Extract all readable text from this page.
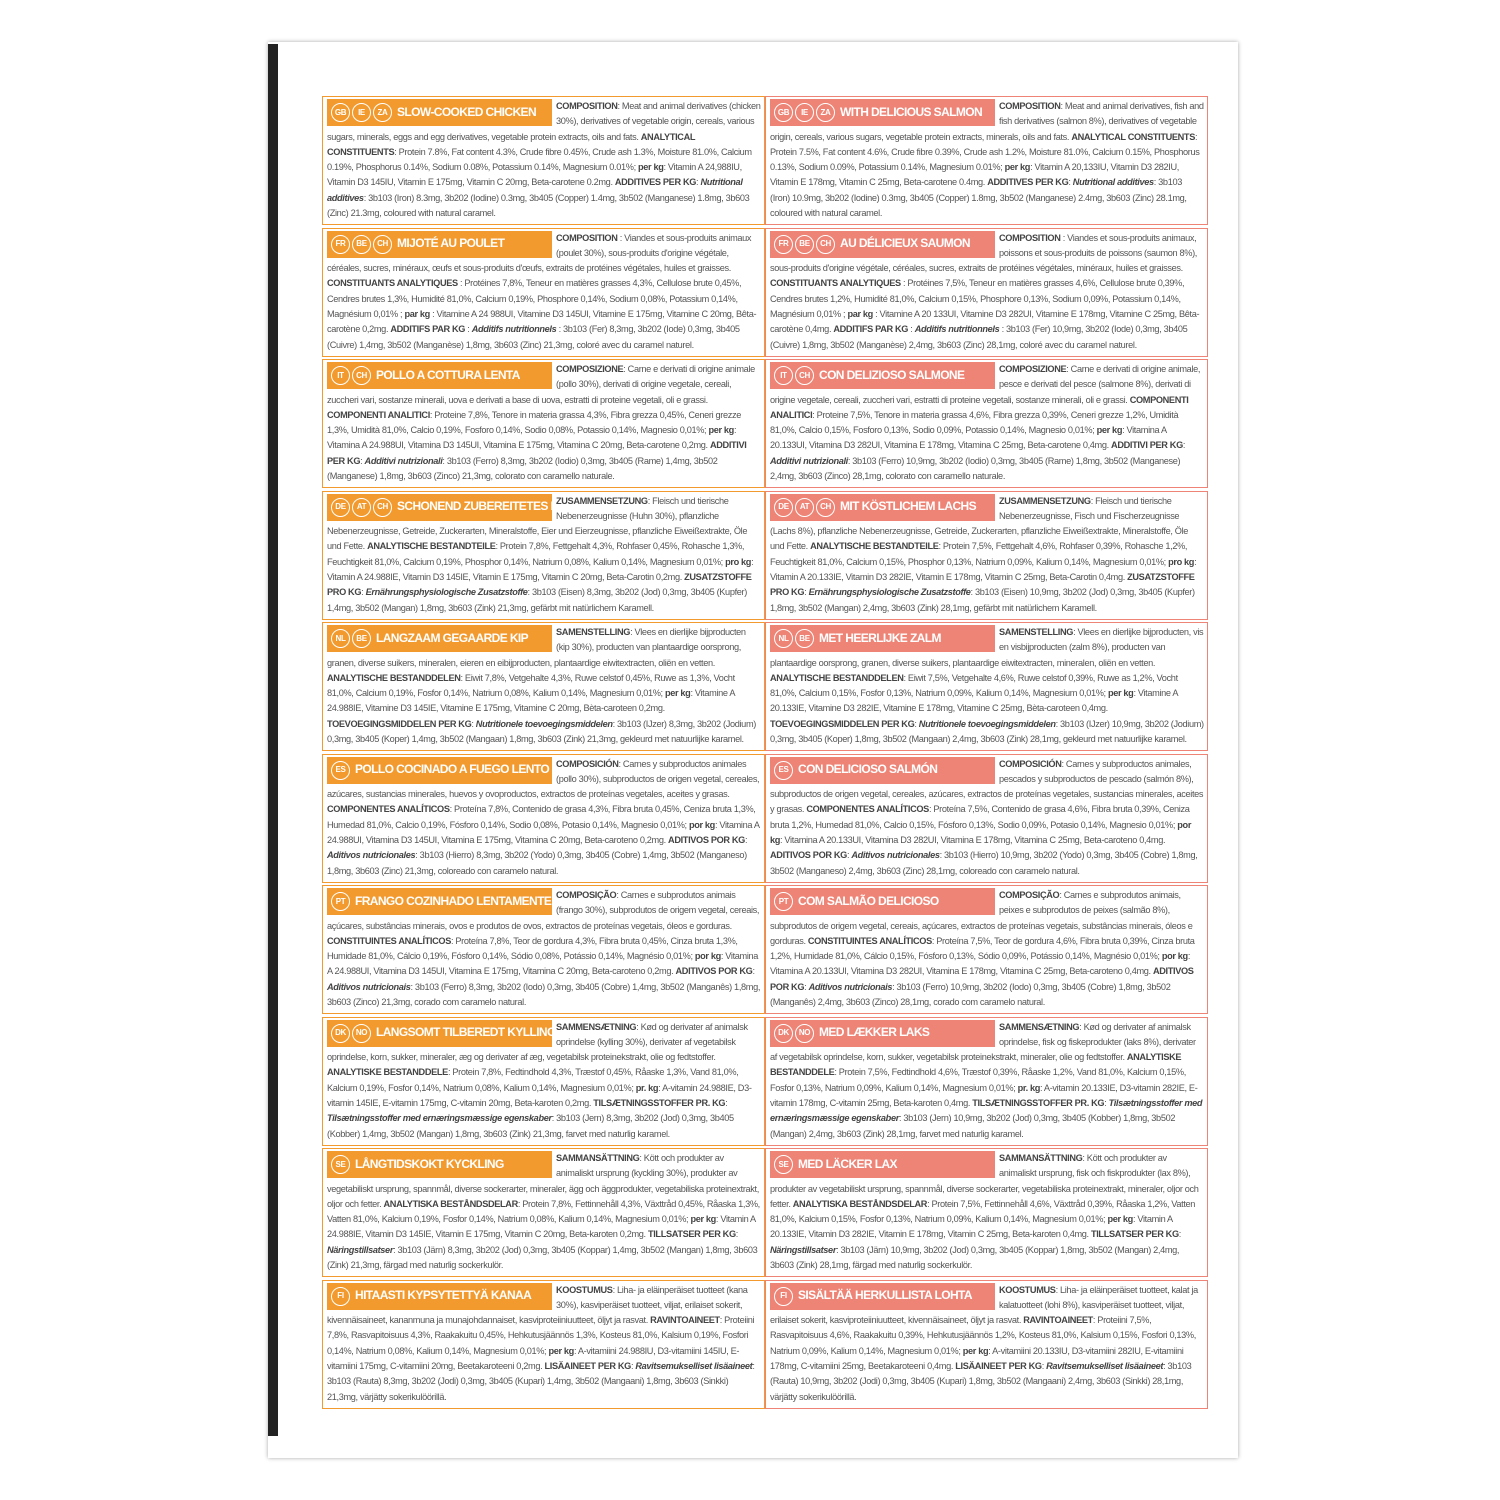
GB	IE	ZA SLOW-COOKED CHICKEN COMPOSITION: Meat and animal derivatives (chicken 30%), derivatives of vegetable origin, cereals, various sugars, minerals, eggs and egg derivatives, vegetable protein extracts, oils and fats. ANALYTICAL CONSTITUENTS: Protein 7.8%, Fat content 4.3%, Crude fibre 0.45%, Crude ash 1.3%, Moisture 81.0%, Calcium 0.19%, Phosphorus 0.14%, Sodium 0.08%, Potassium 0.14%, Magnesium 0.01%; per kg: Vitamin A 24,988IU, Vitamin D3 145IU, Vitamin E 175mg, Vitamin C 20mg, Beta-carotene 0.2mg. ADDITIVES PER KG: Nutritional additives: 3b103 (Iron) 8.3mg, 3b202 (Iodine) 0.3mg, 3b405 (Copper) 1.4mg, 3b502 (Manganese) 1.8mg, 3b603 (Zinc) 21.3mg, coloured with natural caramel.
FR	BE	CH MIJOTÉ AU POULET	COMPOSITION : Viandes et sous-produits animaux (poulet 30%), sous-produits d'origine végétale, céréales, sucres, minéraux, œufs et sous-produits d'œufs, extraits de protéines végétales, huiles et graisses. CONSTITUANTS ANALYTIQUES : Protéines 7,8%, Teneur en matières grasses 4,3%, Cellulose brute 0,45%, Cendres brutes 1,3%, Humidité 81,0%, Calcium 0,19%, Phosphore 0,14%, Sodium 0,08%, Potassium 0,14%, Magnésium 0,01% ; par kg : Vitamine A 24 988UI, Vitamine D3 145UI, Vitamine E 175mg, Vitamine C 20mg, Bêta-carotène 0,2mg. ADDITIFS PAR KG : Additifs nutritionnels : 3b103 (Fer) 8,3mg, 3b202 (Iode) 0,3mg, 3b405 (Cuivre) 1,4mg, 3b502 (Manganèse) 1,8mg, 3b603 (Zinc) 21,3mg, coloré avec du caramel naturel.
IT	CH POLLO A COTTURA LENTA	COMPOSIZIONE: Carne e derivati di origine animale (pollo 30%), derivati di origine vegetale, cereali, zuccheri vari, sostanze minerali, uova e derivati a base di uova, estratti di proteine vegetali, oli e grassi. COMPONENTI ANALITICI: Proteine 7,8%, Tenore in materia grassa 4,3%, Fibra grezza 0,45%, Ceneri grezze 1,3%, Umidità 81,0%, Calcio 0,19%, Fosforo 0,14%, Sodio 0,08%, Potassio 0,14%, Magnesio 0,01%; per kg: Vitamina A 24.988UI, Vitamina D3 145UI, Vitamina E 175mg, Vitamina C 20mg, Beta-carotene 0,2mg. ADDITIVI PER KG: Additivi nutrizionali: 3b103 (Ferro) 8,3mg, 3b202 (Iodio) 0,3mg, 3b405 (Rame) 1,4mg, 3b502 (Manganese) 1,8mg, 3b603 (Zinco) 21,3mg, colorato con caramello naturale.
DE	AT	CH SCHONEND ZUBEREITETES HUHN
ZUSAMMENSETZUNG: Fleisch und tierische Nebenerzeugnisse (Huhn 30%), pflanzliche Nebenerzeugnisse, Getreide, Zuckerarten, Mineralstoffe, Eier und Eierzeugnisse, pflanzliche Eiweißextrakte, Öle und Fette. ANALYTISCHE BESTANDTEILE: Protein 7,8%, Fettgehalt 4,3%, Rohfaser 0,45%, Rohasche 1,3%, Feuchtigkeit 81,0%, Calcium 0,19%, Phosphor 0,14%, Natrium 0,08%, Kalium 0,14%, Magnesium 0,01%; pro kg: Vitamin A 24.988IE, Vitamin D3 145IE, Vitamin E 175mg, Vitamin C 20mg, Beta-Carotin 0,2mg. ZUSATZSTOFFE PRO KG: Ernährungsphysiologische Zusatzstoffe: 3b103 (Eisen) 8,3mg, 3b202 (Jod) 0,3mg, 3b405 (Kupfer) 1,4mg, 3b502 (Mangan) 1,8mg, 3b603 (Zink) 21,3mg, gefärbt mit natürlichem Karamell.
NL	BE LANGZAAM GEGAARDE KIP	SAMENSTELLING: Vlees en dierlijke bijproducten (kip 30%), producten van plantaardige oorsprong, granen, diverse suikers, mineralen, eieren en eibijproducten, plantaardige eiwitextracten, oliën en vetten. ANALYTISCHE BESTANDDELEN: Eiwit 7,8%, Vetgehalte 4,3%, Ruwe celstof 0,45%, Ruwe as 1,3%, Vocht 81,0%, Calcium 0,19%, Fosfor 0,14%, Natrium 0,08%, Kalium 0,14%, Magnesium 0,01%; per kg: Vitamine A 24.988IE, Vitamine D3 145IE, Vitamine E 175mg, Vitamine C 20mg, Bèta-caroteen 0,2mg. TOEVOEGINGSMIDDELEN PER KG: Nutritionele toevoegingsmiddelen: 3b103 (IJzer) 8,3mg, 3b202 (Jodium) 0,3mg, 3b405 (Koper) 1,4mg, 3b502 (Mangaan) 1,8mg, 3b603 (Zink) 21,3mg, gekleurd met natuurlijke karamel.
ES POLLO COCINADO A FUEGO LENTO COMPOSICIÓN: Carnes y subproductos animales (pollo 30%), subproductos de origen vegetal, cereales, azúcares, sustancias minerales, huevos y ovoproductos, extractos de proteínas vegetales, aceites y grasas. COMPONENTES ANALÍTICOS: Proteína 7,8%, Contenido de grasa 4,3%, Fibra bruta 0,45%, Ceniza bruta 1,3%, Humedad 81,0%, Calcio 0,19%, Fósforo 0,14%, Sodio 0,08%, Potasio 0,14%, Magnesio 0,01%; por kg: Vitamina A 24.988UI, Vitamina D3 145UI, Vitamina E 175mg, Vitamina C 20mg, Beta-caroteno 0,2mg. ADITIVOS POR KG: Aditivos nutricionales: 3b103 (Hierro) 8,3mg, 3b202 (Yodo) 0,3mg, 3b405 (Cobre) 1,4mg, 3b502 (Manganeso) 1,8mg, 3b603 (Zinc) 21,3mg, coloreado con caramelo natural.
PT FRANGO COZINHADO LENTAMENTE COMPOSIÇÃO: Carnes e subprodutos animais (frango 30%), subprodutos de origem vegetal, cereais, açúcares, substâncias minerais, ovos e produtos de ovos, extractos de proteínas vegetais, óleos e gorduras. CONSTITUINTES ANALÍTICOS: Proteína 7,8%, Teor de gordura 4,3%, Fibra bruta 0,45%, Cinza bruta 1,3%, Humidade 81,0%, Cálcio 0,19%, Fósforo 0,14%, Sódio 0,08%, Potássio 0,14%, Magnésio 0,01%; por kg: Vitamina A 24.988UI, Vitamina D3 145UI, Vitamina E 175mg, Vitamina C 20mg, Beta-caroteno 0,2mg. ADITIVOS POR KG: Aditivos nutricionais: 3b103 (Ferro) 8,3mg, 3b202 (Iodo) 0,3mg, 3b405 (Cobre) 1,4mg, 3b502 (Manganês) 1,8mg, 3b603 (Zinco) 21,3mg, corado com caramelo natural.
DK	NO LANGSOMT TILBEREDT KYLLING SAMMENSÆTNING: Kød og derivater af animalsk oprindelse (kylling 30%), derivater af vegetabilsk oprindelse, korn, sukker, mineraler, æg og derivater af æg, vegetabilsk proteinekstrakt, olie og fedtstoffer. ANALYTISKE BESTANDDELE: Protein 7,8%, Fedtindhold 4,3%, Træstof 0,45%, Råaske 1,3%, Vand 81,0%, Kalcium 0,19%, Fosfor 0,14%, Natrium 0,08%, Kalium 0,14%, Magnesium 0,01%; pr. kg: A-vitamin 24.988IE, D3-vitamin 145IE, E-vitamin 175mg, C-vitamin 20mg, Beta-karoten 0,2mg. TILSÆTNINGSSTOFFER PR. KG: Tilsætningsstoffer med ernæringsmæssige egenskaber: 3b103 (Jern) 8,3mg, 3b202 (Jod) 0,3mg, 3b405 (Kobber) 1,4mg, 3b502 (Mangan) 1,8mg, 3b603 (Zink) 21,3mg, farvet med naturlig karamel.
SE LÅNGTIDSKOKT KYCKLING	SAMMANSÄTTNING: Kött och produkter av animaliskt ursprung (kyckling 30%), produkter av vegetabiliskt ursprung, spannmål, diverse sockerarter, mineraler, ägg och äggprodukter, vegetabiliska proteinextrakt, oljor och fetter. ANALYTISKA BESTÅNDSDELAR: Protein 7,8%, Fettinnehåll 4,3%, Växttråd 0,45%, Råaska 1,3%, Vatten 81,0%, Kalcium 0,19%, Fosfor 0,14%, Natrium 0,08%, Kalium 0,14%, Magnesium 0,01%; per kg: Vitamin A 24.988IE, Vitamin D3 145IE, Vitamin E 175mg, Vitamin C 20mg, Beta-karoten 0,2mg. TILLSATSER PER KG: Näringstillsatser: 3b103 (Järn) 8,3mg, 3b202 (Jod) 0,3mg, 3b405 (Koppar) 1,4mg, 3b502 (Mangan) 1,8mg, 3b603 (Zink) 21,3mg, färgad med naturlig sockerkulör.
FI HITAASTI KYPSYTETTYÄ KANAA	KOOSTUMUS: Liha- ja eläinperäiset tuotteet (kana 30%), kasviperäiset tuotteet, viljat, erilaiset sokerit, kivennäisaineet, kananmuna ja munajohdannaiset, kasviproteiiniuutteet, öljyt ja rasvat. RAVINTOAINEET: Proteiini 7,8%, Rasvapitoisuus 4,3%, Raakakuitu 0,45%, Hehkutusjäännös 1,3%, Kosteus 81,0%, Kalsium 0,19%, Fosfori 0,14%, Natrium 0,08%, Kalium 0,14%, Magnesium 0,01%; per kg: A-vitamiini 24.988IU, D3-vitamiini 145IU, E-vitamiini 175mg, C-vitamiini 20mg, Beetakaroteeni 0,2mg. LISÄAINEET PER KG: Ravitsemukselliset lisäaineet: 3b103 (Rauta) 8,3mg, 3b202 (Jodi) 0,3mg, 3b405 (Kupari) 1,4mg, 3b502 (Mangaani) 1,8mg, 3b603 (Sinkki) 21,3mg, värjätty sokerikulöörillä.
GB	IE	ZA WITH DELICIOUS SALMON COMPOSITION: Meat and animal derivatives, fish and fish derivatives (salmon 8%), derivatives of vegetable origin, cereals, various sugars, vegetable protein extracts, minerals, oils and fats. ANALYTICAL CONSTITUENTS: Protein 7.5%, Fat content 4.6%, Crude fibre 0.39%, Crude ash 1.2%, Moisture 81.0%, Calcium 0.15%, Phosphorus 0.13%, Sodium 0.09%, Potassium 0.14%, Magnesium 0.01%; per kg: Vitamin A 20,133IU, Vitamin D3 282IU, Vitamin E 178mg, Vitamin C 25mg, Beta-carotene 0.4mg. ADDITIVES PER KG: Nutritional additives: 3b103 (Iron) 10.9mg, 3b202 (Iodine) 0.3mg, 3b405 (Copper) 1.8mg, 3b502 (Manganese) 2.4mg, 3b603 (Zinc) 28.1mg, coloured with natural caramel.
FR	BE	CH AU DÉLICIEUX SAUMON	COMPOSITION : Viandes et sous-produits animaux, poissons et sous-produits de poissons (saumon 8%), sous-produits d'origine végétale, céréales, sucres, extraits de protéines végétales, minéraux, huiles et graisses. CONSTITUANTS ANALYTIQUES : Protéines 7,5%, Teneur en matières grasses 4,6%, Cellulose brute 0,39%, Cendres brutes 1,2%, Humidité 81,0%, Calcium 0,15%, Phosphore 0,13%, Sodium 0,09%, Potassium 0,14%, Magnésium 0,01% ; par kg : Vitamine A 20 133UI, Vitamine D3 282UI, Vitamine E 178mg, Vitamine C 25mg, Bêta-carotène 0,4mg. ADDITIFS PAR KG : Additifs nutritionnels : 3b103 (Fer) 10,9mg, 3b202 (Iode) 0,3mg, 3b405 (Cuivre) 1,8mg, 3b502 (Manganèse) 2,4mg, 3b603 (Zinc) 28,1mg, coloré avec du caramel naturel.
IT	CH CON DELIZIOSO SALMONE	COMPOSIZIONE: Carne e derivati di origine animale, pesce e derivati del pesce (salmone 8%), derivati di origine vegetale, cereali, zuccheri vari, estratti di proteine vegetali, sostanze minerali, oli e grassi. COMPONENTI ANALITICI: Proteine 7,5%, Tenore in materia grassa 4,6%, Fibra grezza 0,39%, Ceneri grezze 1,2%, Umidità 81,0%, Calcio 0,15%, Fosforo 0,13%, Sodio 0,09%, Potassio 0,14%, Magnesio 0,01%; per kg: Vitamina A 20.133UI, Vitamina D3 282UI, Vitamina E 178mg, Vitamina C 25mg, Beta-carotene 0,4mg. ADDITIVI PER KG: Additivi nutrizionali: 3b103 (Ferro) 10,9mg, 3b202 (Iodio) 0,3mg, 3b405 (Rame) 1,8mg, 3b502 (Manganese) 2,4mg, 3b603 (Zinco) 28,1mg, colorato con caramello naturale.
DE	AT	CH MIT KÖSTLICHEM LACHS	ZUSAMMENSETZUNG: Fleisch und tierische Nebenerzeugnisse, Fisch und Fischerzeugnisse (Lachs 8%), pflanzliche Nebenerzeugnisse, Getreide, Zuckerarten, pflanzliche Eiweißextrakte, Mineralstoffe, Öle und Fette. ANALYTISCHE BESTANDTEILE: Protein 7,5%, Fettgehalt 4,6%, Rohfaser 0,39%, Rohasche 1,2%, Feuchtigkeit 81,0%, Calcium 0,15%, Phosphor 0,13%, Natrium 0,09%, Kalium 0,14%, Magnesium 0,01%; pro kg: Vitamin A 20.133IE, Vitamin D3 282IE, Vitamin E 178mg, Vitamin C 25mg, Beta-Carotin 0,4mg. ZUSATZSTOFFE PRO KG: Ernährungsphysiologische Zusatzstoffe: 3b103 (Eisen) 10,9mg, 3b202 (Jod) 0,3mg, 3b405 (Kupfer) 1,8mg, 3b502 (Mangan) 2,4mg, 3b603 (Zink) 28,1mg, gefärbt mit natürlichem Karamell.
NL	BE MET HEERLIJKE ZALM	SAMENSTELLING: Vlees en dierlijke bijproducten, vis en visbijproducten (zalm 8%), producten van plantaardige oorsprong, granen, diverse suikers, plantaardige eiwitextracten, mineralen, oliën en vetten. ANALYTISCHE BESTANDDELEN: Eiwit 7,5%, Vetgehalte 4,6%, Ruwe celstof 0,39%, Ruwe as 1,2%, Vocht 81,0%, Calcium 0,15%, Fosfor 0,13%, Natrium 0,09%, Kalium 0,14%, Magnesium 0,01%; per kg: Vitamine A 20.133IE, Vitamine D3 282IE, Vitamine E 178mg, Vitamine C 25mg, Bèta-caroteen 0,4mg. TOEVOEGINGSMIDDELEN PER KG: Nutritionele toevoegingsmiddelen: 3b103 (IJzer) 10,9mg, 3b202 (Jodium) 0,3mg, 3b405 (Koper) 1,8mg, 3b502 (Mangaan) 2,4mg, 3b603 (Zink) 28,1mg, gekleurd met natuurlijke karamel.
ES CON DELICIOSO SALMÓN	COMPOSICIÓN: Carnes y subproductos animales, pescados y subproductos de pescado (salmón 8%), subproductos de origen vegetal, cereales, azúcares, extractos de proteínas vegetales, sustancias minerales, aceites y grasas. COMPONENTES ANALÍTICOS: Proteína 7,5%, Contenido de grasa 4,6%, Fibra bruta 0,39%, Ceniza bruta 1,2%, Humedad 81,0%, Calcio 0,15%, Fósforo 0,13%, Sodio 0,09%, Potasio 0,14%, Magnesio 0,01%; por kg: Vitamina A 20.133UI, Vitamina D3 282UI, Vitamina E 178mg, Vitamina C 25mg, Beta-caroteno 0,4mg. ADITIVOS POR KG: Aditivos nutricionales: 3b103 (Hierro) 10,9mg, 3b202 (Yodo) 0,3mg, 3b405 (Cobre) 1,8mg, 3b502 (Manganeso) 2,4mg, 3b603 (Zinc) 28,1mg, coloreado con caramelo natural.
PT COM SALMÃO DELICIOSO	COMPOSIÇÃO: Carnes e subprodutos animais, peixes e subprodutos de peixes (salmão 8%), subprodutos de origem vegetal, cereais, açúcares, extractos de proteínas vegetais, substâncias minerais, óleos e gorduras. CONSTITUINTES ANALÍTICOS: Proteína 7,5%, Teor de gordura 4,6%, Fibra bruta 0,39%, Cinza bruta 1,2%, Humidade 81,0%, Cálcio 0,15%, Fósforo 0,13%, Sódio 0,09%, Potássio 0,14%, Magnésio 0,01%; por kg: Vitamina A 20.133UI, Vitamina D3 282UI, Vitamina E 178mg, Vitamina C 25mg, Beta-caroteno 0,4mg. ADITIVOS POR KG: Aditivos nutricionais: 3b103 (Ferro) 10,9mg, 3b202 (Iodo) 0,3mg, 3b405 (Cobre) 1,8mg, 3b502 (Manganês) 2,4mg, 3b603 (Zinco) 28,1mg, corado com caramelo natural.
DK	NO MED LÆKKER LAKS	SAMMENSÆTNING: Kød og derivater af animalsk oprindelse, fisk og fiskeprodukter (laks 8%), derivater af vegetabilsk oprindelse, korn, sukker, vegetabilsk proteinekstrakt, mineraler, olie og fedtstoffer. ANALYTISKE BESTANDDELE: Protein 7,5%, Fedtindhold 4,6%, Træstof 0,39%, Råaske 1,2%, Vand 81,0%, Kalcium 0,15%, Fosfor 0,13%, Natrium 0,09%, Kalium 0,14%, Magnesium 0,01%; pr. kg: A-vitamin 20.133IE, D3-vitamin 282IE, E-vitamin 178mg, C-vitamin 25mg, Beta-karoten 0,4mg. TILSÆTNINGSSTOFFER PR. KG: Tilsætningsstoffer med ernæringsmæssige egenskaber: 3b103 (Jern) 10,9mg, 3b202 (Jod) 0,3mg, 3b405 (Kobber) 1,8mg, 3b502 (Mangan) 2,4mg, 3b603 (Zink) 28,1mg, farvet med naturlig karamel.
SE MED LÄCKER LAX	SAMMANSÄTTNING: Kött och produkter av animaliskt ursprung, fisk och fiskprodukter (lax 8%), produkter av vegetabiliskt ursprung, spannmål, diverse sockerarter, vegetabiliska proteinextrakt, mineraler, oljor och fetter. ANALYTISKA BESTÅNDSDELAR: Protein 7,5%, Fettinnehåll 4,6%, Växttråd 0,39%, Råaska 1,2%, Vatten 81,0%, Kalcium 0,15%, Fosfor 0,13%, Natrium 0,09%, Kalium 0,14%, Magnesium 0,01%; per kg: Vitamin A 20.133IE, Vitamin D3 282IE, Vitamin E 178mg, Vitamin C 25mg, Beta-karoten 0,4mg. TILLSATSER PER KG: Näringstillsatser: 3b103 (Järn) 10,9mg, 3b202 (Jod) 0,3mg, 3b405 (Koppar) 1,8mg, 3b502 (Mangan) 2,4mg, 3b603 (Zink) 28,1mg, färgad med naturlig sockerkulör.
FI SISÄLTÄÄ HERKULLISTA LOHTA	KOOSTUMUS: Liha- ja eläinperäiset tuotteet, kalat ja kalatuotteet (lohi 8%), kasviperäiset tuotteet, viljat, erilaiset sokerit, kasviproteiiniuutteet, kivennäisaineet, öljyt ja rasvat. RAVINTOAINEET: Proteiini 7,5%, Rasvapitoisuus 4,6%, Raakakuitu 0,39%, Hehkutusjäännös 1,2%, Kosteus 81,0%, Kalsium 0,15%, Fosfori 0,13%, Natrium 0,09%, Kalium 0,14%, Magnesium 0,01%; per kg: A-vitamiini 20.133IU, D3-vitamiini 282IU, E-vitamiini 178mg, C-vitamiini 25mg, Beetakaroteeni 0,4mg. LISÄAINEET PER KG: Ravitsemukselliset lisäaineet: 3b103 (Rauta) 10,9mg, 3b202 (Jodi) 0,3mg, 3b405 (Kupari) 1,8mg, 3b502 (Mangaani) 2,4mg, 3b603 (Sinkki) 28,1mg, värjätty sokerikulöörillä.
